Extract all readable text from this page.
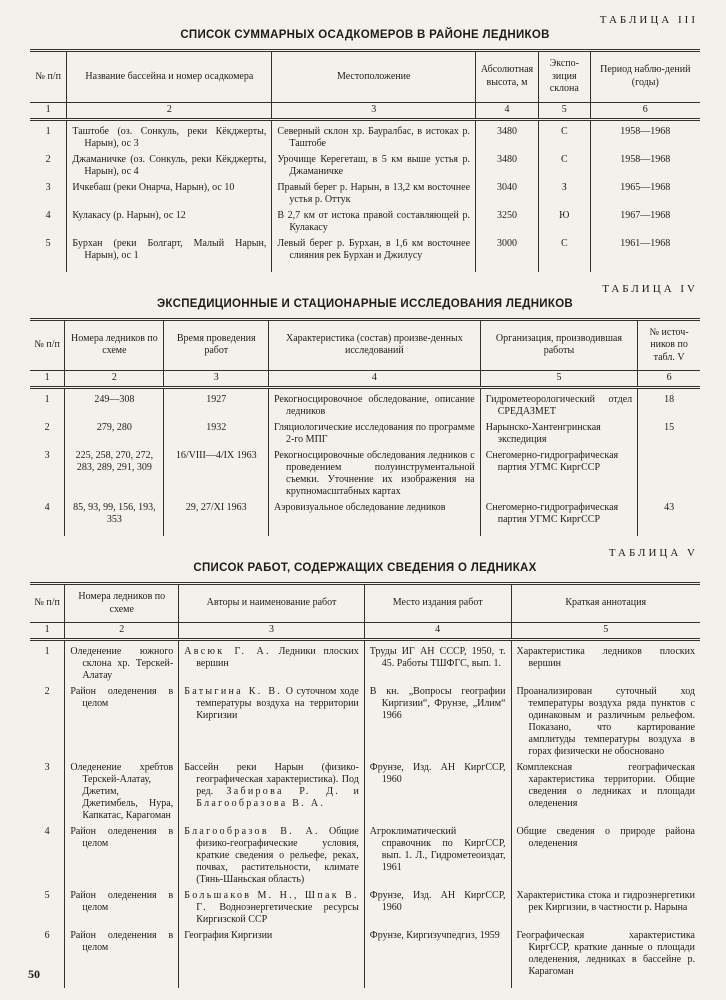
ТАБЛИЦА III
СПИСОК СУММАРНЫХ ОСАДКОМЕРОВ В РАЙОНЕ ЛЕДНИКОВ
№ п/п	Название бассейна и номер осадкомера	Местоположение	Абсолютная высота, м	Экспо-зиция склона	Период наблю-дений (годы)
1	2	3	4	5	6
1	Таштобе (оз. Сонкуль, реки Кёкджерты, Нарын), ос 3	Северный склон хр. Бауралбас, в истоках р. Таштобе	3480	С	1958—1968
2	Джаманичке (оз. Сонкуль, реки Кёкджерты, Нарын), ос 4	Урочище Керегеташ, в 5 км выше устья р. Джаманичке	3480	С	1958—1968
3	Ичкебаш (реки Онарча, Нарын), ос 10	Правый берег р. Нарын, в 13,2 км восточнее устья р. Оттук	3040	З	1965—1968
4	Кулакасу (р. Нарын), ос 12	В 2,7 км от истока правой составляющей р. Кулакасу	3250	Ю	1967—1968
5	Бурхан (реки Болгарт, Малый Нарын, Нарын), ос 1	Левый берег р. Бурхан, в 1,6 км восточнее слияния рек Бурхан и Джилусу	3000	С	1961—1968
ТАБЛИЦА IV
ЭКСПЕДИЦИОННЫЕ И СТАЦИОНАРНЫЕ ИССЛЕДОВАНИЯ ЛЕДНИКОВ
№ п/п	Номера ледников по схеме	Время проведения работ	Характеристика (состав) произве-денных исследований	Организация, производившая работы	№ источ-ников по табл. V
1	2	3	4	5	6
1	249—308	1927	Рекогносцировочное обследование, описание ледников	Гидрометеорологический отдел СРЕДАЗМЕТ	18
2	279, 280	1932	Гляциологические исследования по программе 2-го МПГ	Нарынско-Хантенгринская экспедиция	15
3	225, 258, 270, 272, 283, 289, 291, 309	16/VIII—4/IX 1963	Рекогносцировочные обследования ледников с проведением полуинструментальной съемки. Уточнение их изображения на крупномасштабных картах	Снегомерно-гидрографическая партия УГМС КиргССР	
4	85, 93, 99, 156, 193, 353	29, 27/XI 1963	Аэровизуальное обследование ледников	Снегомерно-гидрографическая партия УГМС КиргССР	43
ТАБЛИЦА V
СПИСОК РАБОТ, СОДЕРЖАЩИХ СВЕДЕНИЯ О ЛЕДНИКАХ
№ п/п	Номера ледников по схеме	Авторы и наименование работ	Место издания работ	Краткая аннотация
1	2	3	4	5
1	Оледенение южного склона хр. Терскей-Алатау	Авсюк Г. А. Ледники плоских вершин	Труды ИГ АН СССР, 1950, т. 45. Работы ТШФГС, вып. 1.	Характеристика ледников плоских вершин
2	Район оледенения в целом	Батыгина К. В. О суточном ходе температуры воздуха на территории Киргизии	В кн. „Вопросы географии Киргизии“, Фрунзе, „Илим“ 1966	Проанализирован суточный ход температуры воздуха ряда пунктов с одинаковым и различным рельефом. Показано, что картирование амплитуды температуры воздуха в горах физически не обосновано
3	Оледенение хребтов Терскей-Алатау, Джетим, Джетимбель, Нура, Капкатас, Карагоман	Бассейн реки Нарын (физико-географическая характеристика). Под ред. Забирова Р. Д. и Благообразова В. А.	Фрунзе, Изд. АН КиргССР, 1960	Комплексная географическая характеристика территории. Общие сведения о ледниках и площади оледенения
4	Район оледенения в целом	Благообразов В. А. Общие физико-географические условия, краткие сведения о рельефе, реках, почвах, растительности, климате (Тянь-Шаньская область)	Агроклиматический справочник по КиргССР, вып. 1. Л., Гидрометеоиздат, 1961	Общие сведения о природе района оледенения
5	Район оледенения в целом	Большаков М. Н., Шпак В. Г. Водноэнергетические ресурсы Киргизской ССР	Фрунзе, Изд. АН КиргССР, 1960	Характеристика стока и гидроэнергетики рек Киргизии, в частности р. Нарына
6	Район оледенения в целом	География Киргизии	Фрунзе, Киргизучпедгиз, 1959	Географическая характеристика КиргССР, краткие данные о площади оледенения, ледниках в бассейне р. Карагоман
50
